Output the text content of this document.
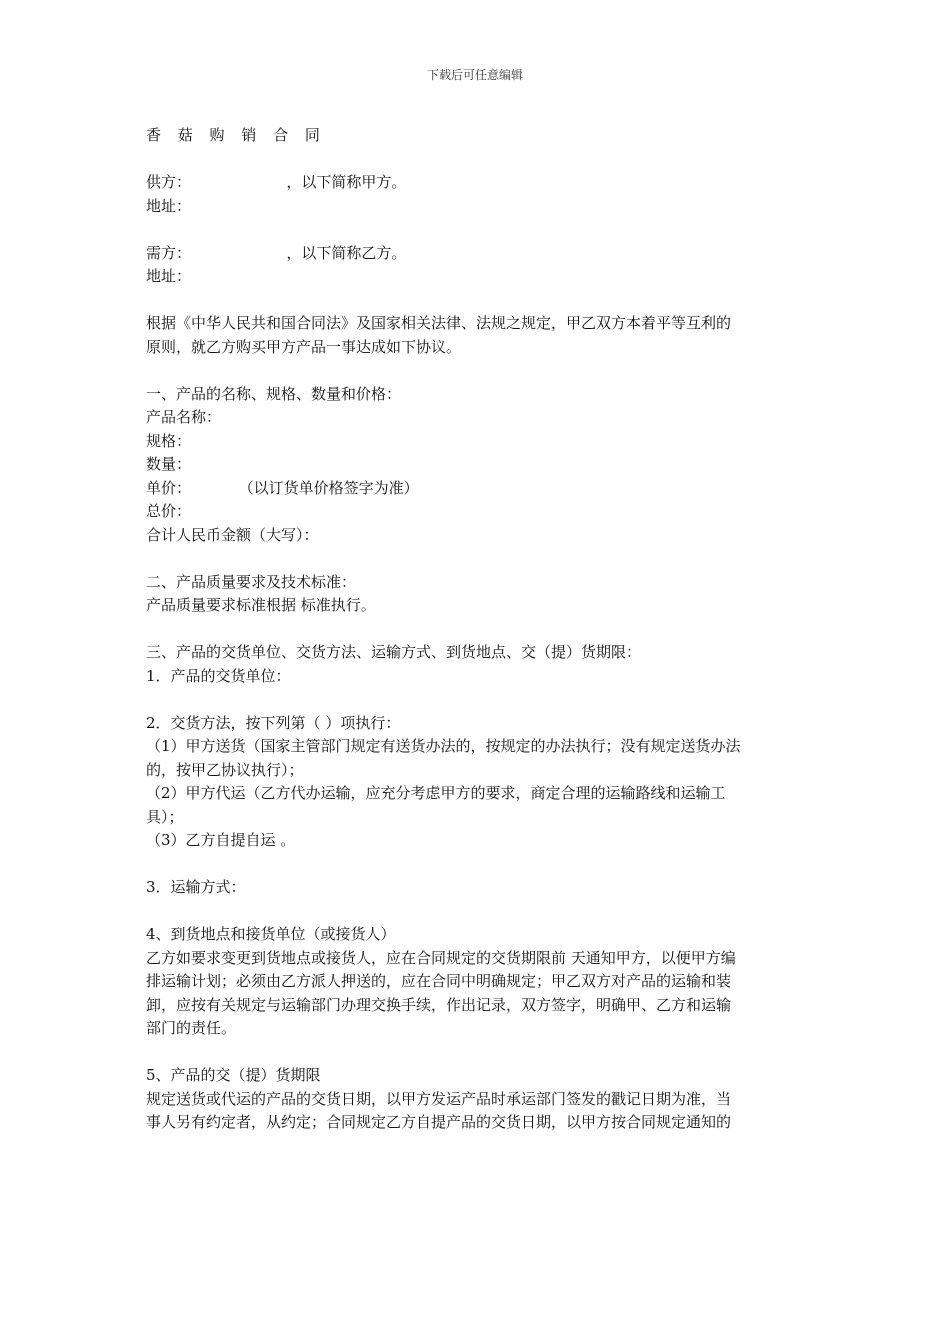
下载后可任意编辑
香 菇 购 销 合 同
供方：                    ，以下简称甲方。
地址：
需方：                    ，以下简称乙方。
地址：
根据《中华人民共和国合同法》及国家相关法律、法规之规定，甲乙双方本着平等互利的
原则，就乙方购买甲方产品一事达成如下协议。
一、产品的名称、规格、数量和价格：
产品名称：
规格：
数量：
单价：          （以订货单价格签字为准）
总价：
合计人民币金额（大写）：
二、产品质量要求及技术标准：
产品质量要求标准根据 标准执行。
三、产品的交货单位、交货方法、运输方式、到货地点、交（提）货期限：
1．产品的交货单位：
2．交货方法，按下列第（ ）项执行：
（1）甲方送货（国家主管部门规定有送货办法的，按规定的办法执行；没有规定送货办法
的，按甲乙协议执行）；
（2）甲方代运（乙方代办运输，应充分考虑甲方的要求，商定合理的运输路线和运输工
具）；
（3）乙方自提自运 。
3．运输方式：
4、到货地点和接货单位（或接货人）
乙方如要求变更到货地点或接货人，应在合同规定的交货期限前 天通知甲方，以便甲方编
排运输计划；必须由乙方派人押送的，应在合同中明确规定；甲乙双方对产品的运输和装
卸，应按有关规定与运输部门办理交换手续，作出记录，双方签字，明确甲、乙方和运输
部门的责任。
5、产品的交（提）货期限
规定送货或代运的产品的交货日期，以甲方发运产品时承运部门签发的戳记日期为准，当
事人另有约定者，从约定；合同规定乙方自提产品的交货日期，以甲方按合同规定通知的
